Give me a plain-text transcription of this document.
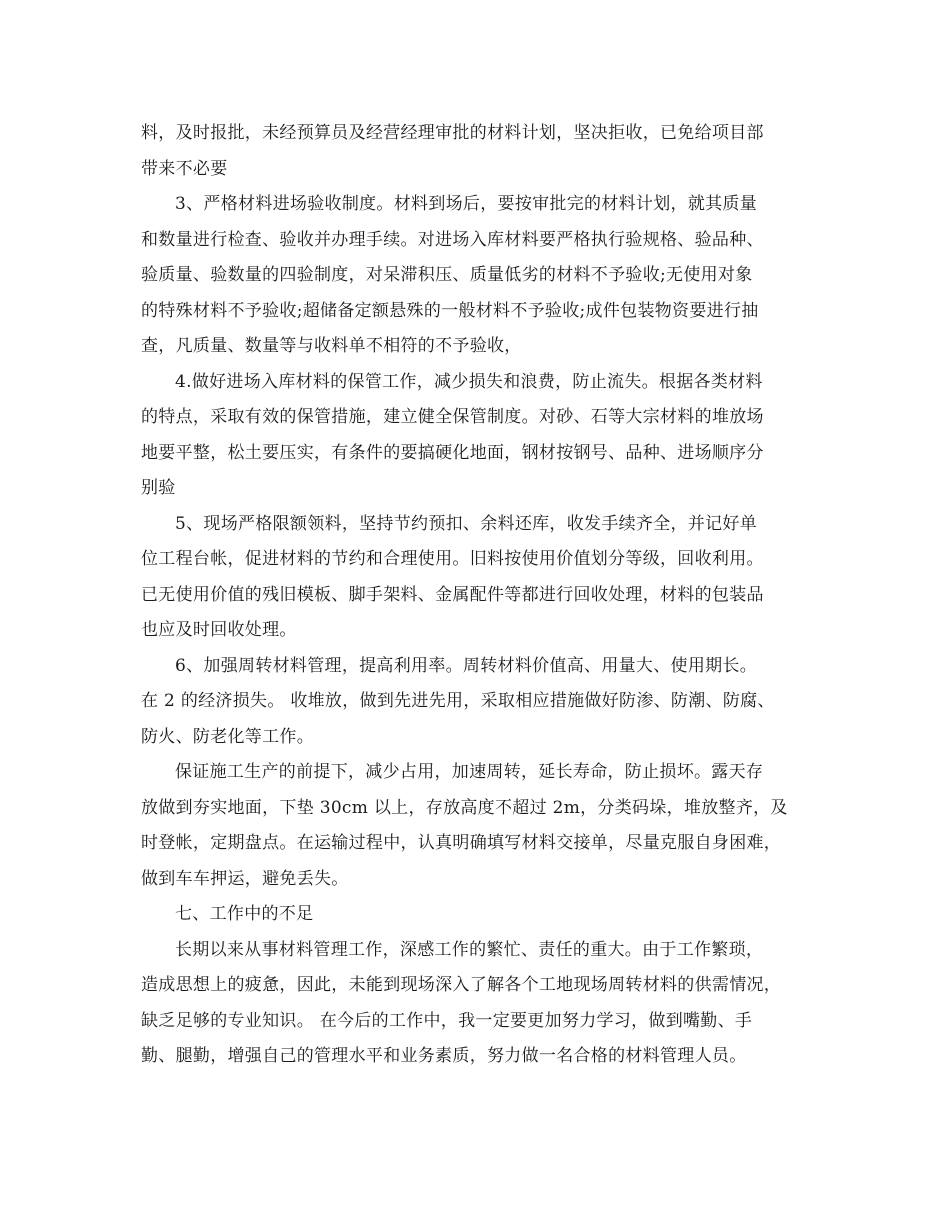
料，及时报批，未经预算员及经营经理审批的材料计划，坚决拒收，已免给项目部
带来不必要
3、严格材料进场验收制度。材料到场后，要按审批完的材料计划，就其质量
和数量进行检查、验收并办理手续。对进场入库材料要严格执行验规格、验品种、
验质量、验数量的四验制度，对呆滞积压、质量低劣的材料不予验收;无使用对象
的特殊材料不予验收;超储备定额悬殊的一般材料不予验收;成件包装物资要进行抽
查，凡质量、数量等与收料单不相符的不予验收，
4.做好进场入库材料的保管工作，减少损失和浪费，防止流失。根据各类材料
的特点，采取有效的保管措施，建立健全保管制度。对砂、石等大宗材料的堆放场
地要平整，松土要压实，有条件的要搞硬化地面，钢材按钢号、品种、进场顺序分
别验
5、现场严格限额领料，坚持节约预扣、余料还库，收发手续齐全，并记好单
位工程台帐，促进材料的节约和合理使用。旧料按使用价值划分等级，回收利用。
已无使用价值的残旧模板、脚手架料、金属配件等都进行回收处理，材料的包装品
也应及时回收处理。
6、加强周转材料管理，提高利用率。周转材料价值高、用量大、使用期长。
在 2 的经济损失。 收堆放，做到先进先用，采取相应措施做好防渗、防潮、防腐、
防火、防老化等工作。
保证施工生产的前提下，减少占用，加速周转，延长寿命，防止损坏。露天存
放做到夯实地面，下垫 30cm 以上，存放高度不超过 2m，分类码垛，堆放整齐，及
时登帐，定期盘点。在运输过程中，认真明确填写材料交接单，尽量克服自身困难，
做到车车押运，避免丢失。
七、工作中的不足
长期以来从事材料管理工作，深感工作的繁忙、责任的重大。由于工作繁琐，
造成思想上的疲惫，因此，未能到现场深入了解各个工地现场周转材料的供需情况，
缺乏足够的专业知识。 在今后的工作中，我一定要更加努力学习，做到嘴勤、手
勤、腿勤，增强自己的管理水平和业务素质，努力做一名合格的材料管理人员。
